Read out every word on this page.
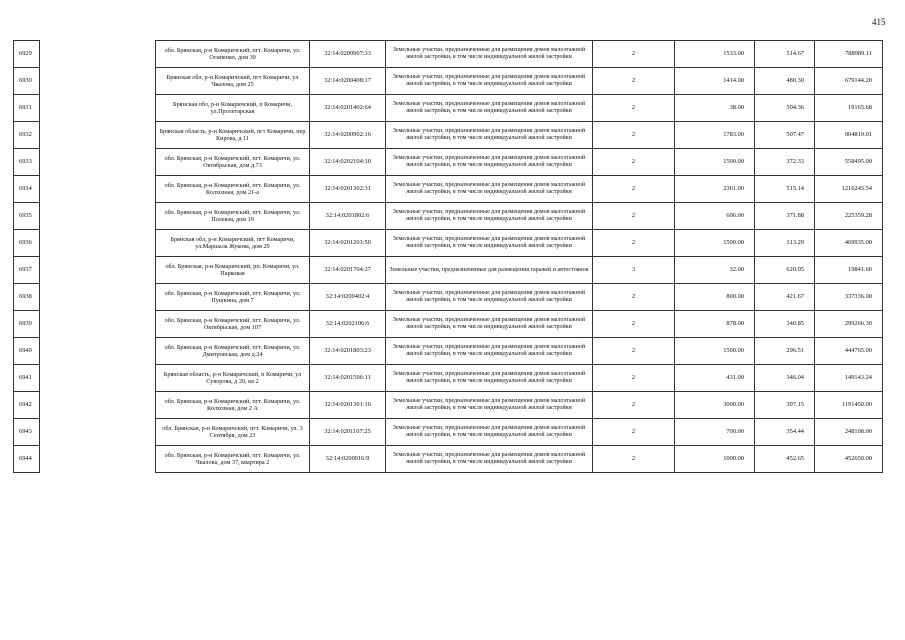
415
6929		обл. Брянская, р-н Комаричский, пгт. Комаричи, ул. Осипенко, дом 30	32:14:0200907:33	Земельные участки, предназначенные для размещения домов малоэтажной жилой застройки, в том числе индивидуальной жилой застройки	2	1533.00	514.67	788989.11
6930		Брянская обл, р-н Комаричский, пгт Комаричи, ул Чкалова, дом 25	32:14:0200408:17	Земельные участки, предназначенные для размещения домов малоэтажной жилой застройки, в том числе индивидуальной жилой застройки	2	1414.00	480.30	679144.20
6931		Брянская обл, р-н Комаричский, п Комаричи, ул.Пролетарская	32:14:0201402:64	Земельные участки, предназначенные для размещения домов малоэтажной жилой застройки, в том числе индивидуальной жилой застройки	2	38.00	504.36	19165.68
6932		Брянская область, р-н Комаричский, пгт Комаричи, пер Кирова, д 11	32:14:0200902:16	Земельные участки, предназначенные для размещения домов малоэтажной жилой застройки, в том числе индивидуальной жилой застройки	2	1783.00	507.47	904819.01
6933		обл. Брянская, р-н Комаричский, пгт. Комаричи, ул. Октябрьская, дом д.73	32:14:0202104:10	Земельные участки, предназначенные для размещения домов малоэтажной жилой застройки, в том числе индивидуальной жилой застройки	2	1500.00	372.33	558495.00
6934		обл. Брянская, р-н Комаричский, пгт. Комаричи, ул. Колхозная, дом 21-а	32:14:0201302:31	Земельные участки, предназначенные для размещения домов малоэтажной жилой застройки, в том числе индивидуальной жилой застройки	2	2361.00	515.14	1216245.54
6935		обл. Брянская, р-н Комаричский, пгт. Комаричи, ул. Полевая, дом 19	32:14:0201802:6	Земельные участки, предназначенные для размещения домов малоэтажной жилой застройки, в том числе индивидуальной жилой застройки	2	606.00	371.88	225359.28
6936		Брянская обл, р-н Комаричский, пгт Комаричи, ул.Маршала Жукова, дом 29	32:14:0201201:50	Земельные участки, предназначенные для размещения домов малоэтажной жилой застройки, в том числе индивидуальной жилой застройки	2	1500.00	313.29	469935.00
6937		обл. Брянская, р-н Комаричский, рп. Комаричи, ул. Парковая	32:14:0201704:27	Земельные участки, предназначенные для размещения гаражей и автостоянок	3	32.00	620.05	19841.60
6938		обл. Брянская, р-н Комаричский, пгт. Комаричи, ул. Пушкина, дом 7	32:14:0200402:4	Земельные участки, предназначенные для размещения домов малоэтажной жилой застройки, в том числе индивидуальной жилой застройки	2	800.00	421.67	337336.00
6939		обл. Брянская, р-н Комаричский, пгт. Комаричи, ул. Октябрьская, дом 107	32:14:0202106:6	Земельные участки, предназначенные для размещения домов малоэтажной жилой застройки, в том числе индивидуальной жилой застройки	2	878.00	340.85	299266.30
6940		обл. Брянская, р-н Комаричский, пгт. Комаричи, ул. Дмитровская, дом д.24	32:14:0201803:23	Земельные участки, предназначенные для размещения домов малоэтажной жилой застройки, в том числе индивидуальной жилой застройки	2	1500.00	296.51	444765.00
6941		Брянская область, р-н Комаричский, п Комаричи, ул Суворова, д 20, кв 2	32:14:0201506:11	Земельные участки, предназначенные для размещения домов малоэтажной жилой застройки, в том числе индивидуальной жилой застройки	2	431.00	346.04	149143.24
6942		обл. Брянская, р-н Комаричский, пгт. Комаричи, ул. Колхозная, дом 2 А	32:14:0201301:16	Земельные участки, предназначенные для размещения домов малоэтажной жилой застройки, в том числе индивидуальной жилой застройки	2	3000.00	397.15	1191450.00
6943		обл. Брянская, р-н Комаричский, пгт. Комаричи, ул. 3 Сентября, дом 23	32:14:0201107:25	Земельные участки, предназначенные для размещения домов малоэтажной жилой застройки, в том числе индивидуальной жилой застройки	2	700.00	354.44	248108.00
6944		обл. Брянская, р-н Комаричский, пгт. Комаричи, ул. Чкалова, дом 37, квартира 2	32:14:0200916:9	Земельные участки, предназначенные для размещения домов малоэтажной жилой застройки, в том числе индивидуальной жилой застройки	2	1000.00	452.65	452650.00
